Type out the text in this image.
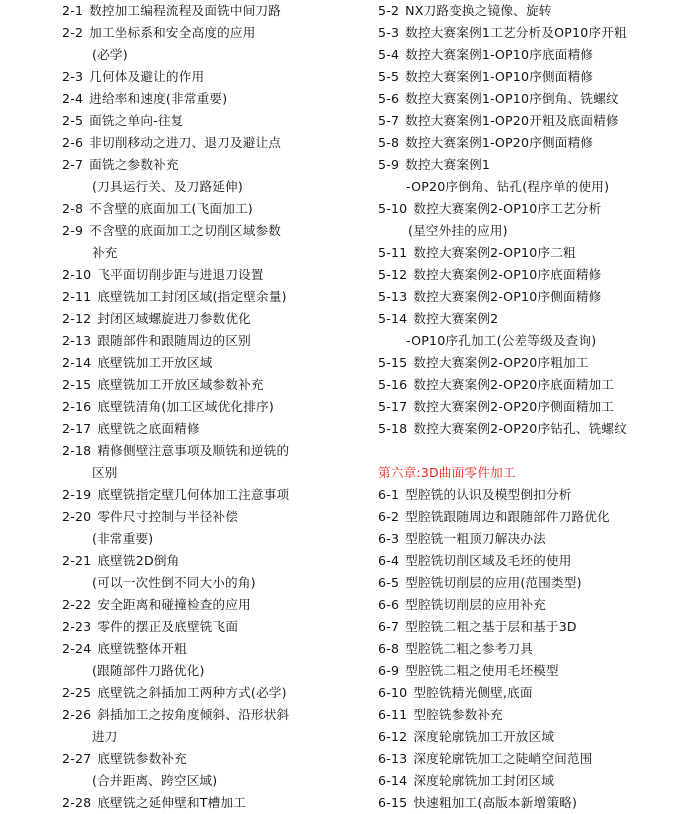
2-1 数控加工编程流程及面铣中间刀路
2-2 加工坐标系和安全高度的应用
(必学)
2-3 几何体及避让的作用
2-4 进给率和速度(非常重要)
2-5 面铣之单向-往复
2-6 非切削移动之进刀、退刀及避让点
2-7 面铣之参数补充
(刀具运行关、及刀路延伸)
2-8 不含壁的底面加工(飞面加工)
2-9 不含壁的底面加工之切削区域参数
补充
2-10 飞平面切削步距与进退刀设置
2-11 底壁铣加工封闭区域(指定壁余量)
2-12 封闭区域螺旋进刀参数优化
2-13 跟随部件和跟随周边的区别
2-14 底壁铣加工开放区域
2-15 底壁铣加工开放区域参数补充
2-16 底壁铣清角(加工区域优化排序)
2-17 底壁铣之底面精修
2-18 精修侧壁注意事项及顺铣和逆铣的
区别
2-19 底壁铣指定壁几何体加工注意事项
2-20 零件尺寸控制与半径补偿
(非常重要)
2-21 底壁铣2D倒角
(可以一次性倒不同大小的角)
2-22 安全距离和碰撞检查的应用
2-23 零件的摆正及底壁铣飞面
2-24 底壁铣整体开粗
(跟随部件刀路优化)
2-25 底壁铣之斜插加工两种方式(必学)
2-26 斜插加工之按角度倾斜、沿形状斜
进刀
2-27 底壁铣参数补充
(合并距离、跨空区域)
2-28 底壁铣之延伸壁和T槽加工
5-2 NX刀路变换之镜像、旋转
5-3 数控大赛案例1工艺分析及OP10序开粗
5-4 数控大赛案例1-OP10序底面精修
5-5 数控大赛案例1-OP10序侧面精修
5-6 数控大赛案例1-OP10序倒角、铣螺纹
5-7 数控大赛案例1-OP20开粗及底面精修
5-8 数控大赛案例1-OP20序侧面精修
5-9 数控大赛案例1
-OP20序倒角、钻孔(程序单的使用)
5-10 数控大赛案例2-OP10序工艺分析
(星空外挂的应用)
5-11 数控大赛案例2-OP10序二粗
5-12 数控大赛案例2-OP10序底面精修
5-13 数控大赛案例2-OP10序侧面精修
5-14 数控大赛案例2
-OP10序孔加工(公差等级及查询)
5-15 数控大赛案例2-OP20序粗加工
5-16 数控大赛案例2-OP20序底面精加工
5-17 数控大赛案例2-OP20序侧面精加工
5-18 数控大赛案例2-OP20序钻孔、铣螺纹
第六章:3D曲面零件加工
6-1 型腔铣的认识及模型倒扣分析
6-2 型腔铣跟随周边和跟随部件刀路优化
6-3 型腔铣一粗顶刀解决办法
6-4 型腔铣切削区域及毛坯的使用
6-5 型腔铣切削层的应用(范围类型)
6-6 型腔铣切削层的应用补充
6-7 型腔铣二粗之基于层和基于3D
6-8 型腔铣二粗之参考刀具
6-9 型腔铣二粗之使用毛坯模型
6-10 型腔铣精光侧壁,底面
6-11 型腔铣参数补充
6-12 深度轮廓铣加工开放区域
6-13 深度轮廓铣加工之陡峭空间范围
6-14 深度轮廓铣加工封闭区域
6-15 快速粗加工(高版本新增策略)
